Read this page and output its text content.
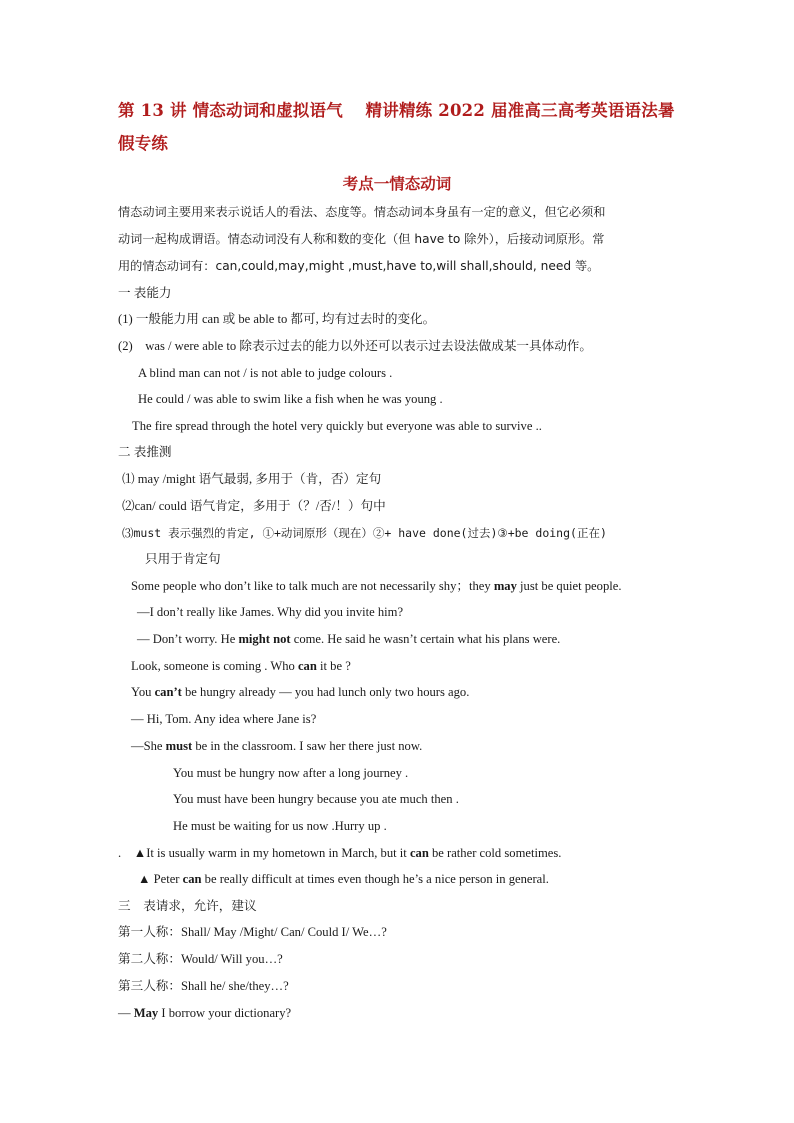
第 13 讲 情态动词和虚拟语气　 精讲精练 2022 届准高三高考英语语法暑假专练
考点一情态动词
情态动词主要用来表示说话人的看法、态度等。情态动词本身虽有一定的意义，但它必须和
动词一起构成谓语。情态动词没有人称和数的变化（但 have to 除外），后接动词原形。常
用的情态动词有：can,could,may,might ,must,have to,will shall,should, need 等。
一 表能力
(1) 一般能力用 can 或 be able to 都可, 均有过去时的变化。
(2)　was / were able to 除表示过去的能力以外还可以表示过去设法做成某一具体动作。
A blind man can not / is not able to judge colours .
He could / was able to swim like a fish when he was young .
The fire spread through the hotel very quickly but everyone was able to survive ..
二 表推测
⑴ may /might 语气最弱, 多用于（肯，否）定句
⑵can/ could 语气肯定，多用于（？/否/！）句中
⑶must 表示强烈的肯定, ①+动词原形（现在）②+ have done(过去)③+be doing(正在)
只用于肯定句
Some people who don’t like to talk much are not necessarily shy；they may just be quiet people.
—I don’t really like James. Why did you invite him?
— Don’t worry. He might not come. He said he wasn’t certain what his plans were.
Look, someone is coming . Who can it be ?
You can’t be hungry already — you had lunch only two hours ago.
— Hi, Tom. Any idea where Jane is?
—She must be in the classroom. I saw her there just now.
You must be hungry now after a long journey .
You must have been hungry because you ate much then .
He must be waiting for us now .Hurry up .
.　▲It is usually warm in my hometown in March, but it can be rather cold sometimes.
▲ Peter can be really difficult at times even though he’s a nice person in general.
三　表请求，允许，建议
第一人称：Shall/ May /Might/ Can/ Could I/ We…?
第二人称：Would/ Will you…?
第三人称：Shall he/ she/they…?
— May I borrow your dictionary?
